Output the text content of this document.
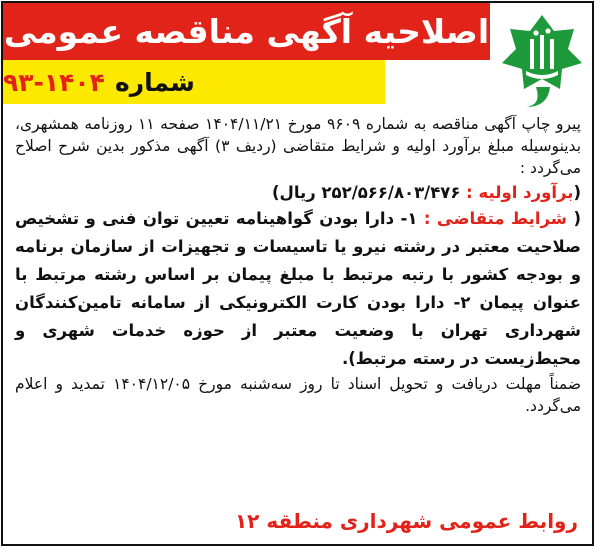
اصلاحیه آگهی مناقصه عمومی
شماره
۹۳-۱۴۰۴

پیرو چاپ آگهی مناقصه به شماره ۹۶۰۹ مورخ ۱۴۰۴/۱۱/۲۱ صفحه ۱۱ روزنامه همشهری، بدینوسیله مبلغ برآورد اولیه و شرایط متقاضی (ردیف ۳) آگهی مذکور بدین شرح اصلاح می‌گردد :

(برآورد اولیه : ۲۵۲/۵۶۶/۸۰۳/۴۷۶ ریال)

( شرایط متقاضی : ۱- دارا بودن گواهینامه تعیین توان فنی و تشخیص صلاحیت معتبر در رشته نیرو یا تاسیسات و تجهیزات از سازمان برنامه و بودجه کشور با رتبه مرتبط با مبلغ پیمان بر اساس رشته مرتبط با عنوان پیمان ۲- دارا بودن کارت الکترونیکی از سامانه تامین‌کنندگان شهرداری تهران با وضعیت معتبر از حوزه خدمات شهری و محیط‌زیست در رسته مرتبط).

ضمناً مهلت دریافت و تحویل اسناد تا روز سه‌شنبه مورخ ۱۴۰۴/۱۲/۰۵ تمدید و اعلام می‌گردد.

روابط عمومی شهرداری منطقه ۱۲
